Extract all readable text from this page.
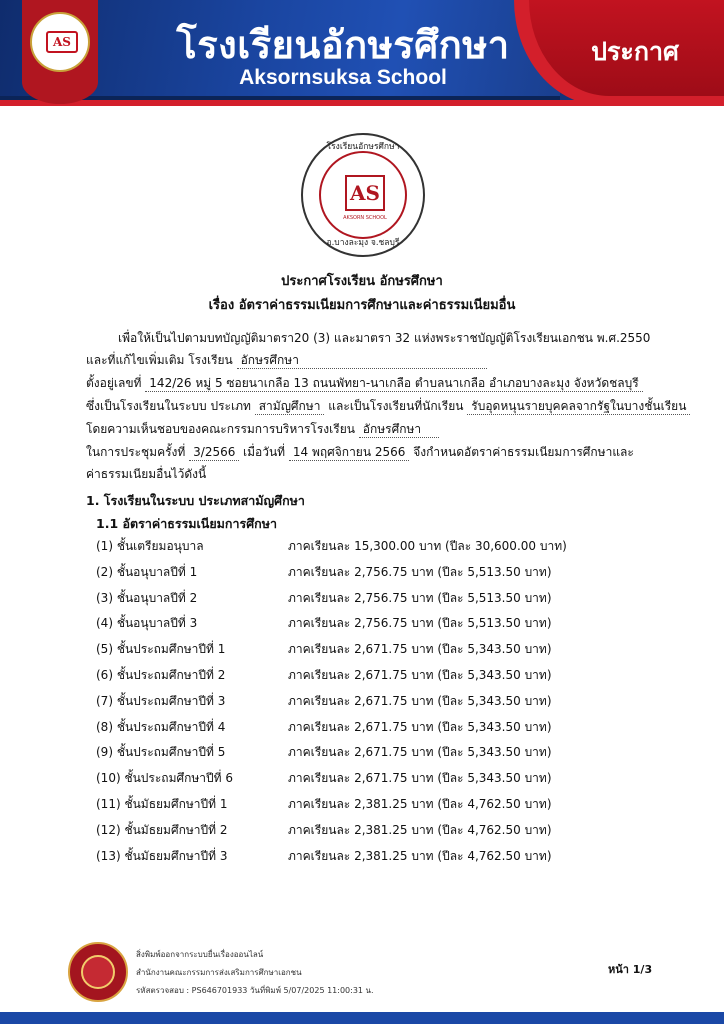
AS	โรงเรียนอักษรศึกษา
Aksornsuksa School
ประกาศ
โรงเรียนอักษรศึกษา
AS
AKSORN SCHOOL
อ.บางละมุง จ.ชลบุรี
ประกาศโรงเรียน อักษรศึกษา
เรื่อง อัตราค่าธรรมเนียมการศึกษาและค่าธรรมเนียมอื่น
เพื่อให้เป็นไปตามบทบัญญัติมาตรา20 (3) และมาตรา 32 แห่งพระราชบัญญัติโรงเรียนเอกชน พ.ศ.2550
และที่แก้ไขเพิ่มเติม โรงเรียน อักษรศึกษา
ตั้งอยู่เลขที่ 142/26 หมู่ 5 ซอยนาเกลือ 13 ถนนพัทยา-นาเกลือ ตำบลนาเกลือ อำเภอบางละมุง จังหวัดชลบุรี
ซึ่งเป็นโรงเรียนในระบบ ประเภท สามัญศึกษา และเป็นโรงเรียนที่นักเรียน รับอุดหนุนรายบุคคลจากรัฐในบางชั้นเรียน
โดยความเห็นชอบของคณะกรรมการบริหารโรงเรียน อักษรศึกษา
ในการประชุมครั้งที่ 3/2566 เมื่อวันที่ 14 พฤศจิกายน 2566 จึงกำหนดอัตราค่าธรรมเนียมการศึกษาและ
ค่าธรรมเนียมอื่นไว้ดังนี้
1. โรงเรียนในระบบ ประเภทสามัญศึกษา
1.1 อัตราค่าธรรมเนียมการศึกษา
(1) ชั้นเตรียมอนุบาล	ภาคเรียนละ 15,300.00 บาท (ปีละ 30,600.00 บาท)
(2) ชั้นอนุบาลปีที่ 1	ภาคเรียนละ 2,756.75 บาท (ปีละ 5,513.50 บาท)
(3) ชั้นอนุบาลปีที่ 2	ภาคเรียนละ 2,756.75 บาท (ปีละ 5,513.50 บาท)
(4) ชั้นอนุบาลปีที่ 3	ภาคเรียนละ 2,756.75 บาท (ปีละ 5,513.50 บาท)
(5) ชั้นประถมศึกษาปีที่ 1	ภาคเรียนละ 2,671.75 บาท (ปีละ 5,343.50 บาท)
(6) ชั้นประถมศึกษาปีที่ 2	ภาคเรียนละ 2,671.75 บาท (ปีละ 5,343.50 บาท)
(7) ชั้นประถมศึกษาปีที่ 3	ภาคเรียนละ 2,671.75 บาท (ปีละ 5,343.50 บาท)
(8) ชั้นประถมศึกษาปีที่ 4	ภาคเรียนละ 2,671.75 บาท (ปีละ 5,343.50 บาท)
(9) ชั้นประถมศึกษาปีที่ 5	ภาคเรียนละ 2,671.75 บาท (ปีละ 5,343.50 บาท)
(10) ชั้นประถมศึกษาปีที่ 6	ภาคเรียนละ 2,671.75 บาท (ปีละ 5,343.50 บาท)
(11) ชั้นมัธยมศึกษาปีที่ 1	ภาคเรียนละ 2,381.25 บาท (ปีละ 4,762.50 บาท)
(12) ชั้นมัธยมศึกษาปีที่ 2	ภาคเรียนละ 2,381.25 บาท (ปีละ 4,762.50 บาท)
(13) ชั้นมัธยมศึกษาปีที่ 3	ภาคเรียนละ 2,381.25 บาท (ปีละ 4,762.50 บาท)
สิ่งพิมพ์ออกจากระบบยื่นเรื่องออนไลน์
สำนักงานคณะกรรมการส่งเสริมการศึกษาเอกชน
รหัสตรวจสอบ : PS646701933 วันที่พิมพ์ 5/07/2025 11:00:31 น.
หน้า 1/3
